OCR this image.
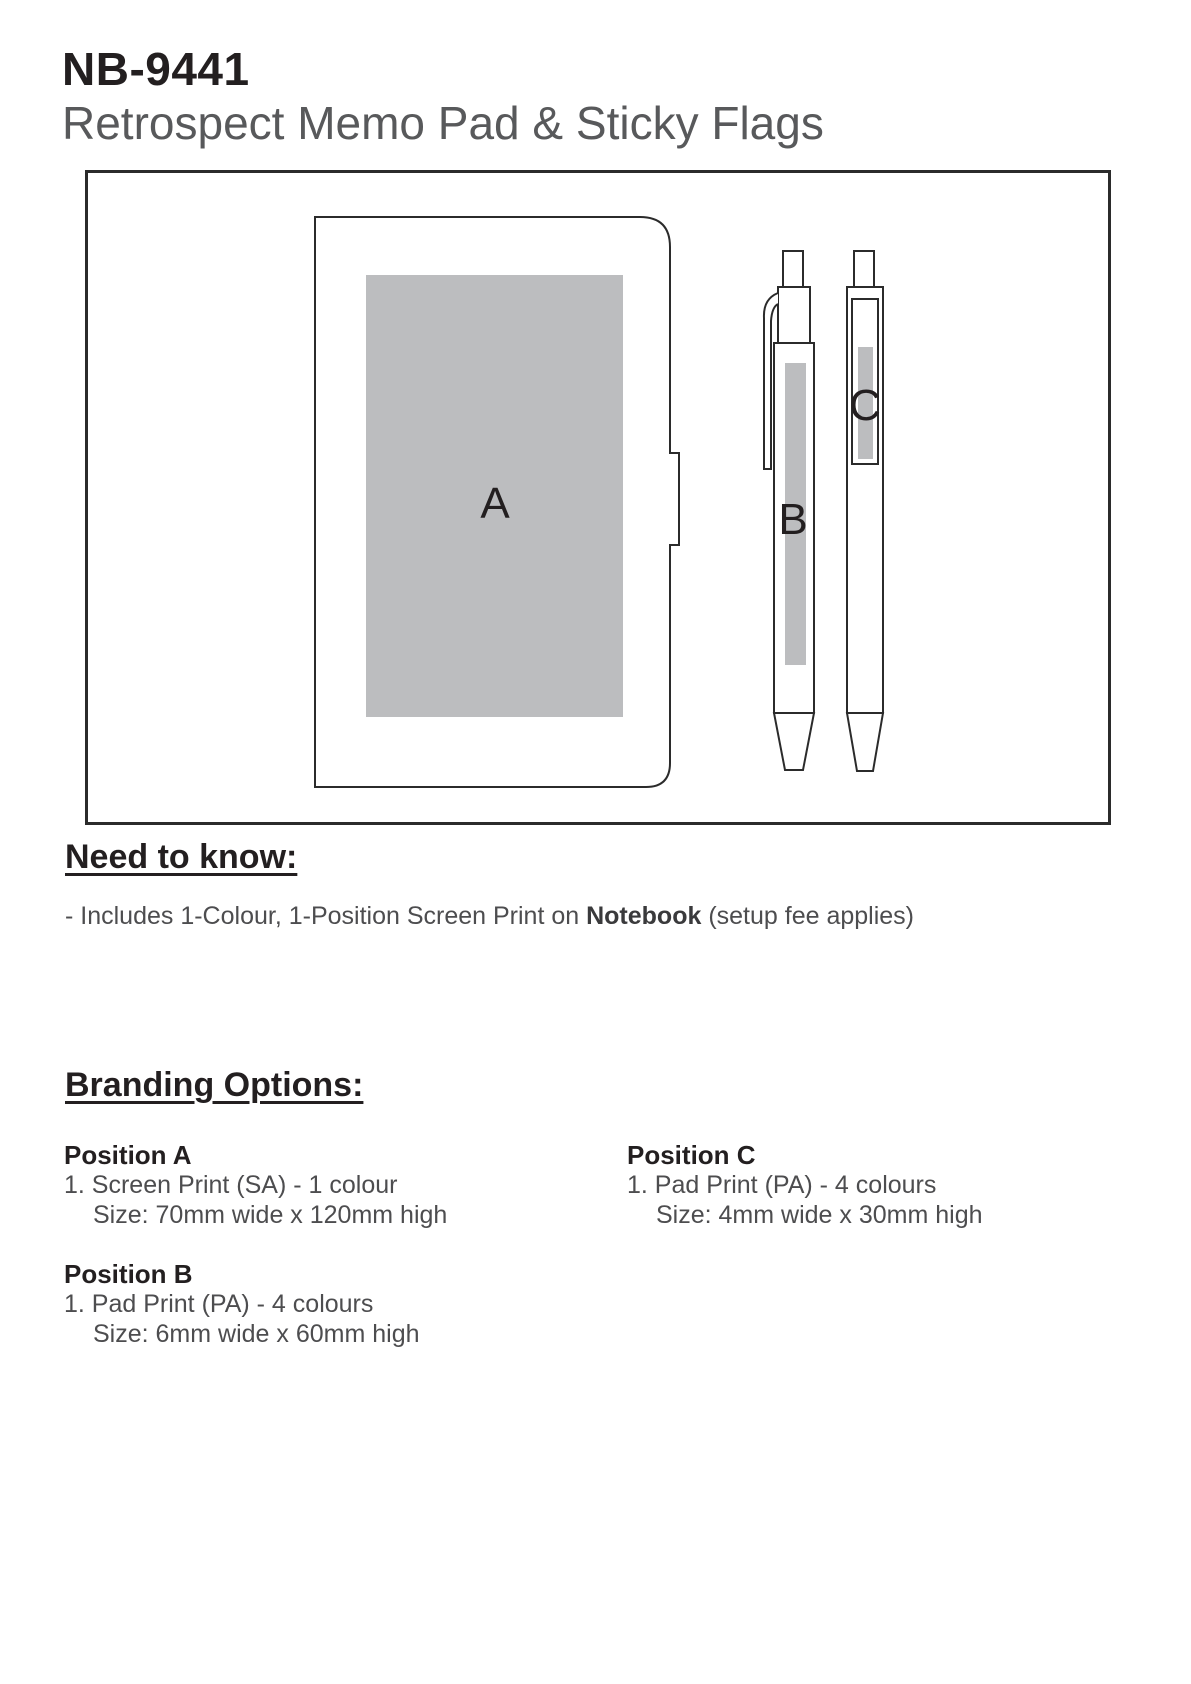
NB-9441
Retrospect Memo Pad & Sticky Flags
A	B
C
Need to know:
- Includes 1-Colour, 1-Position Screen Print on Notebook (setup fee applies)
Branding Options:
Position A
1. Screen Print (SA) - 1 colour
Size: 70mm wide x 120mm high
Position B
1. Pad Print (PA) - 4 colours
Size: 6mm wide x 60mm high
Position C
1. Pad Print (PA) - 4 colours
Size: 4mm wide x 30mm high
